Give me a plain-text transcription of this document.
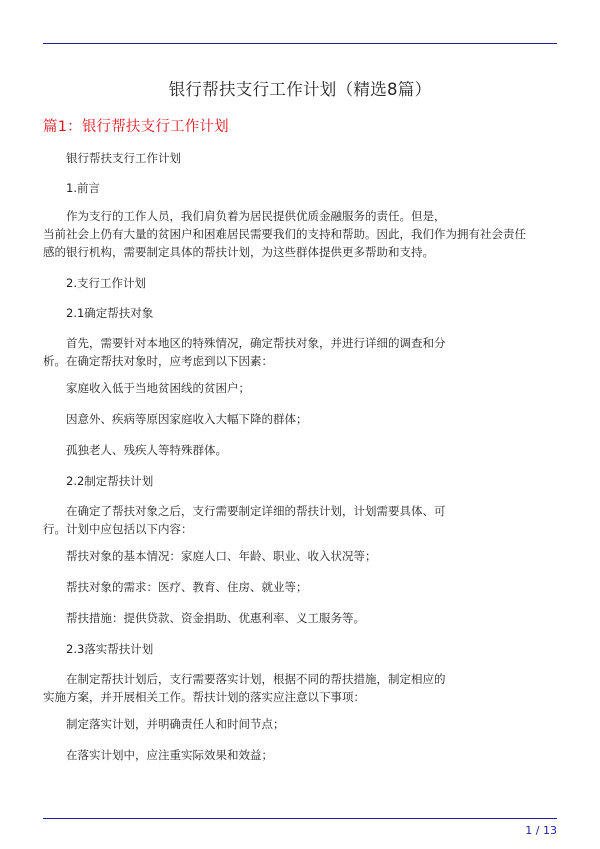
银行帮扶支行工作计划（精选8篇）
篇1：银行帮扶支行工作计划
银行帮扶支行工作计划
1.前言
作为支行的工作人员，我们肩负着为居民提供优质金融服务的责任。但是，
当前社会上仍有大量的贫困户和困难居民需要我们的支持和帮助。因此，我们作为拥有社会责任
感的银行机构，需要制定具体的帮扶计划，为这些群体提供更多帮助和支持。
2.支行工作计划
2.1确定帮扶对象
首先，需要针对本地区的特殊情况，确定帮扶对象，并进行详细的调查和分
析。在确定帮扶对象时，应考虑到以下因素：
家庭收入低于当地贫困线的贫困户；
因意外、疾病等原因家庭收入大幅下降的群体；
孤独老人、残疾人等特殊群体。
2.2制定帮扶计划
在确定了帮扶对象之后，支行需要制定详细的帮扶计划，计划需要具体、可
行。计划中应包括以下内容：
帮扶对象的基本情况：家庭人口、年龄、职业、收入状况等；
帮扶对象的需求：医疗、教育、住房、就业等；
帮扶措施：提供贷款、资金捐助、优惠利率、义工服务等。
2.3落实帮扶计划
在制定帮扶计划后，支行需要落实计划，根据不同的帮扶措施，制定相应的
实施方案，并开展相关工作。帮扶计划的落实应注意以下事项：
制定落实计划，并明确责任人和时间节点；
在落实计划中，应注重实际效果和效益；
1 / 13
